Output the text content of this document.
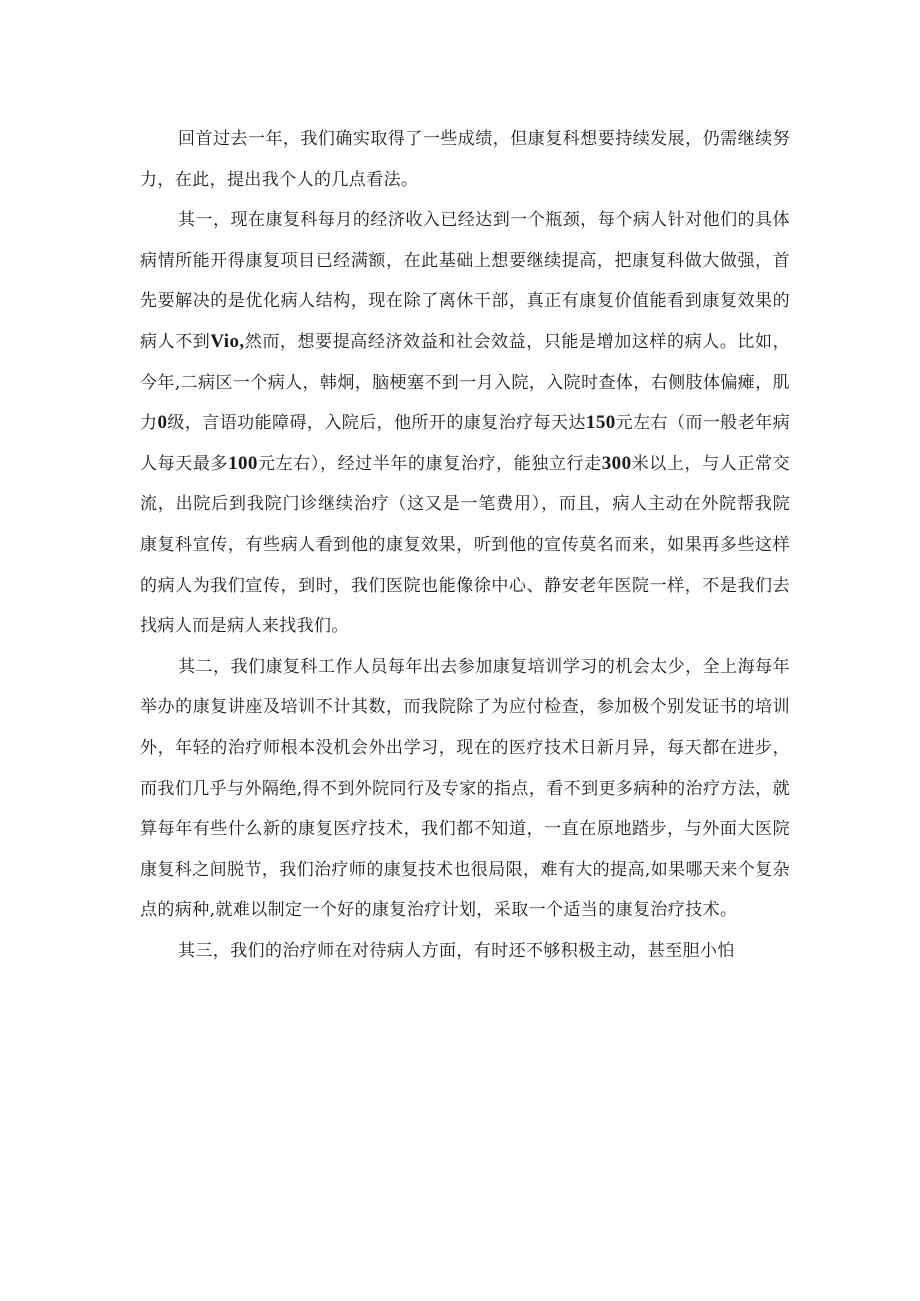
回首过去一年，我们确实取得了一些成绩，但康复科想要持续发展，仍需继续努力，在此，提出我个人的几点看法。

其一，现在康复科每月的经济收入已经达到一个瓶颈，每个病人针对他们的具体病情所能开得康复项目已经满额，在此基础上想要继续提高，把康复科做大做强，首先要解决的是优化病人结构，现在除了离休干部，真正有康复价值能看到康复效果的病人不到Vio,然而，想要提高经济效益和社会效益，只能是增加这样的病人。比如，今年,二病区一个病人，韩炯，脑梗塞不到一月入院，入院时查体，右侧肢体偏瘫，肌力0级，言语功能障碍，入院后，他所开的康复治疗每天达150元左右（而一般老年病人每天最多100元左右），经过半年的康复治疗，能独立行走300米以上，与人正常交流，出院后到我院门诊继续治疗（这又是一笔费用），而且，病人主动在外院帮我院康复科宣传，有些病人看到他的康复效果，听到他的宣传莫名而来，如果再多些这样的病人为我们宣传，到时，我们医院也能像徐中心、静安老年医院一样，不是我们去找病人而是病人来找我们。

其二，我们康复科工作人员每年出去参加康复培训学习的机会太少，全上海每年举办的康复讲座及培训不计其数，而我院除了为应付检查，参加极个别发证书的培训外，年轻的治疗师根本没机会外出学习，现在的医疗技术日新月异，每天都在进步，而我们几乎与外隔绝,得不到外院同行及专家的指点，看不到更多病种的治疗方法，就算每年有些什么新的康复医疗技术，我们都不知道，一直在原地踏步，与外面大医院康复科之间脱节，我们治疗师的康复技术也很局限，难有大的提高,如果哪天来个复杂点的病种,就难以制定一个好的康复治疗计划，采取一个适当的康复治疗技术。

其三，我们的治疗师在对待病人方面，有时还不够积极主动，甚至胆小怕
